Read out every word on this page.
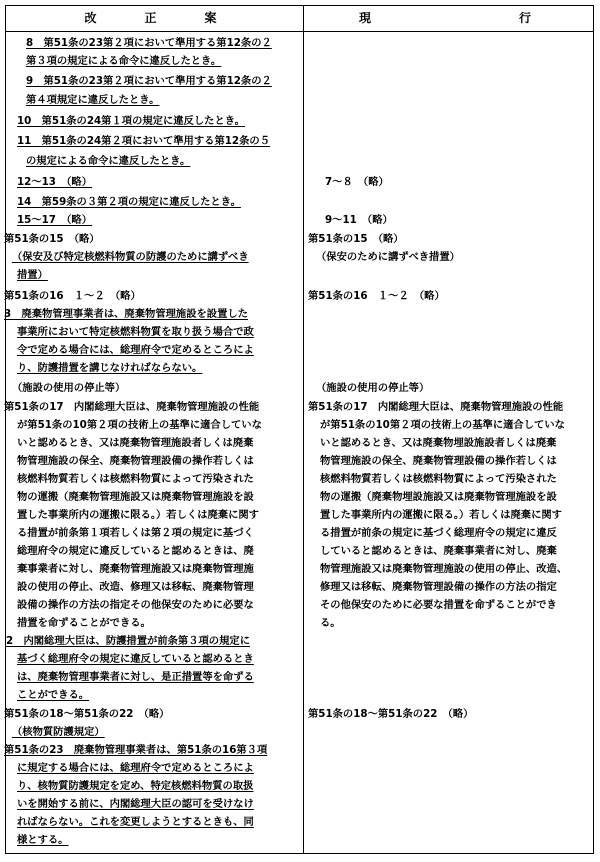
改　　正　　案	現　　　　　　　行
8　第51条の23第２項において準用する第12条の２
第３項の規定による命令に違反したとき。
9　第51条の23第２項において準用する第12条の２
第４項規定に違反したとき。
10　第51条の24第１項の規定に違反したとき。
11　第51条の24第２項において準用する第12条の５
の規定による命令に違反したとき。
12～13　（略）
14　第59条の３第２項の規定に違反したとき。
15～17　（略）
第51条の15　（略）
（保安及び特定核燃料物質の防護のために講ずべき
措置）
第51条の16　１～２　（略）
3　廃棄物管理事業者は、廃棄物管理施設を設置した
事業所において特定核燃料物質を取り扱う場合で政
令で定める場合には、総理府令で定めるところによ
り、防護措置を講じなければならない。
（施設の使用の停止等）
第51条の17　内閣総理大臣は、廃棄物管理施設の性能
が第51条の10第２項の技術上の基準に適合していな
いと認めるとき、又は廃棄物管理施設者しくは廃棄
物管理施設の保全、廃棄物管理設備の操作若しくは
核燃料物質若しくは核燃料物質によって汚染された
物の運搬（廃棄物管理施設又は廃棄物管理施設を設
置した事業所内の運搬に限る。）若しくは廃棄に関す
る措置が前条第１項若しくは第２項の規定に基づく
総理府令の規定に違反していると認めるときは、廃
棄事業者に対し、廃棄物管理施設又は廃棄物管理施
設の使用の停止、改造、修理又は移転、廃棄物管理
設備の操作の方法の指定その他保安のために必要な
措置を命ずることができる。
2　内閣総理大臣は、防護措置が前条第３項の規定に
基づく総理府令の規定に違反していると認めるとき
は、廃棄物管理事業者に対し、是正措置等を命ずる
ことができる。
第51条の18～第51条の22　（略）
（核物質防護規定）
第51条の23　廃棄物管理事業者は、第51条の16第３項
に規定する場合には、総理府令で定めるところによ
り、核物質防護規定を定め、特定核燃料物質の取扱
いを開始する前に、内閣総理大臣の認可を受けなけ
ればならない。これを変更しようとするときも、同
様とする。
7～８　（略）
9～11　（略）
第51条の15　（略）
（保安のために講ずべき措置）
第51条の16　１～２　（略）
（施設の使用の停止等）
第51条の17　内閣総理大臣は、廃棄物管理施設の性能
が第51条の10第２項の技術上の基準に適合していな
いと認めるとき、又は廃棄物埋設施設者しくは廃棄
物管理施設の保全、廃棄物管理設備の操作若しくは
核燃料物質若しくは核燃料物質によって汚染された
物の運搬（廃棄物埋設施設又は廃棄物管理施設を設
置した事業所内の運搬に限る。）若しくは廃棄に関す
る措置が前条の規定に基づく総理府令の規定に違反
していると認めるときは、廃棄事業者に対し、廃棄
物管理施設又は廃棄物管理施設の使用の停止、改造、
修理又は移転、廃棄物管理設備の操作の方法の指定
その他保安のために必要な措置を命ずることができ
る。
第51条の18～第51条の22　（略）
